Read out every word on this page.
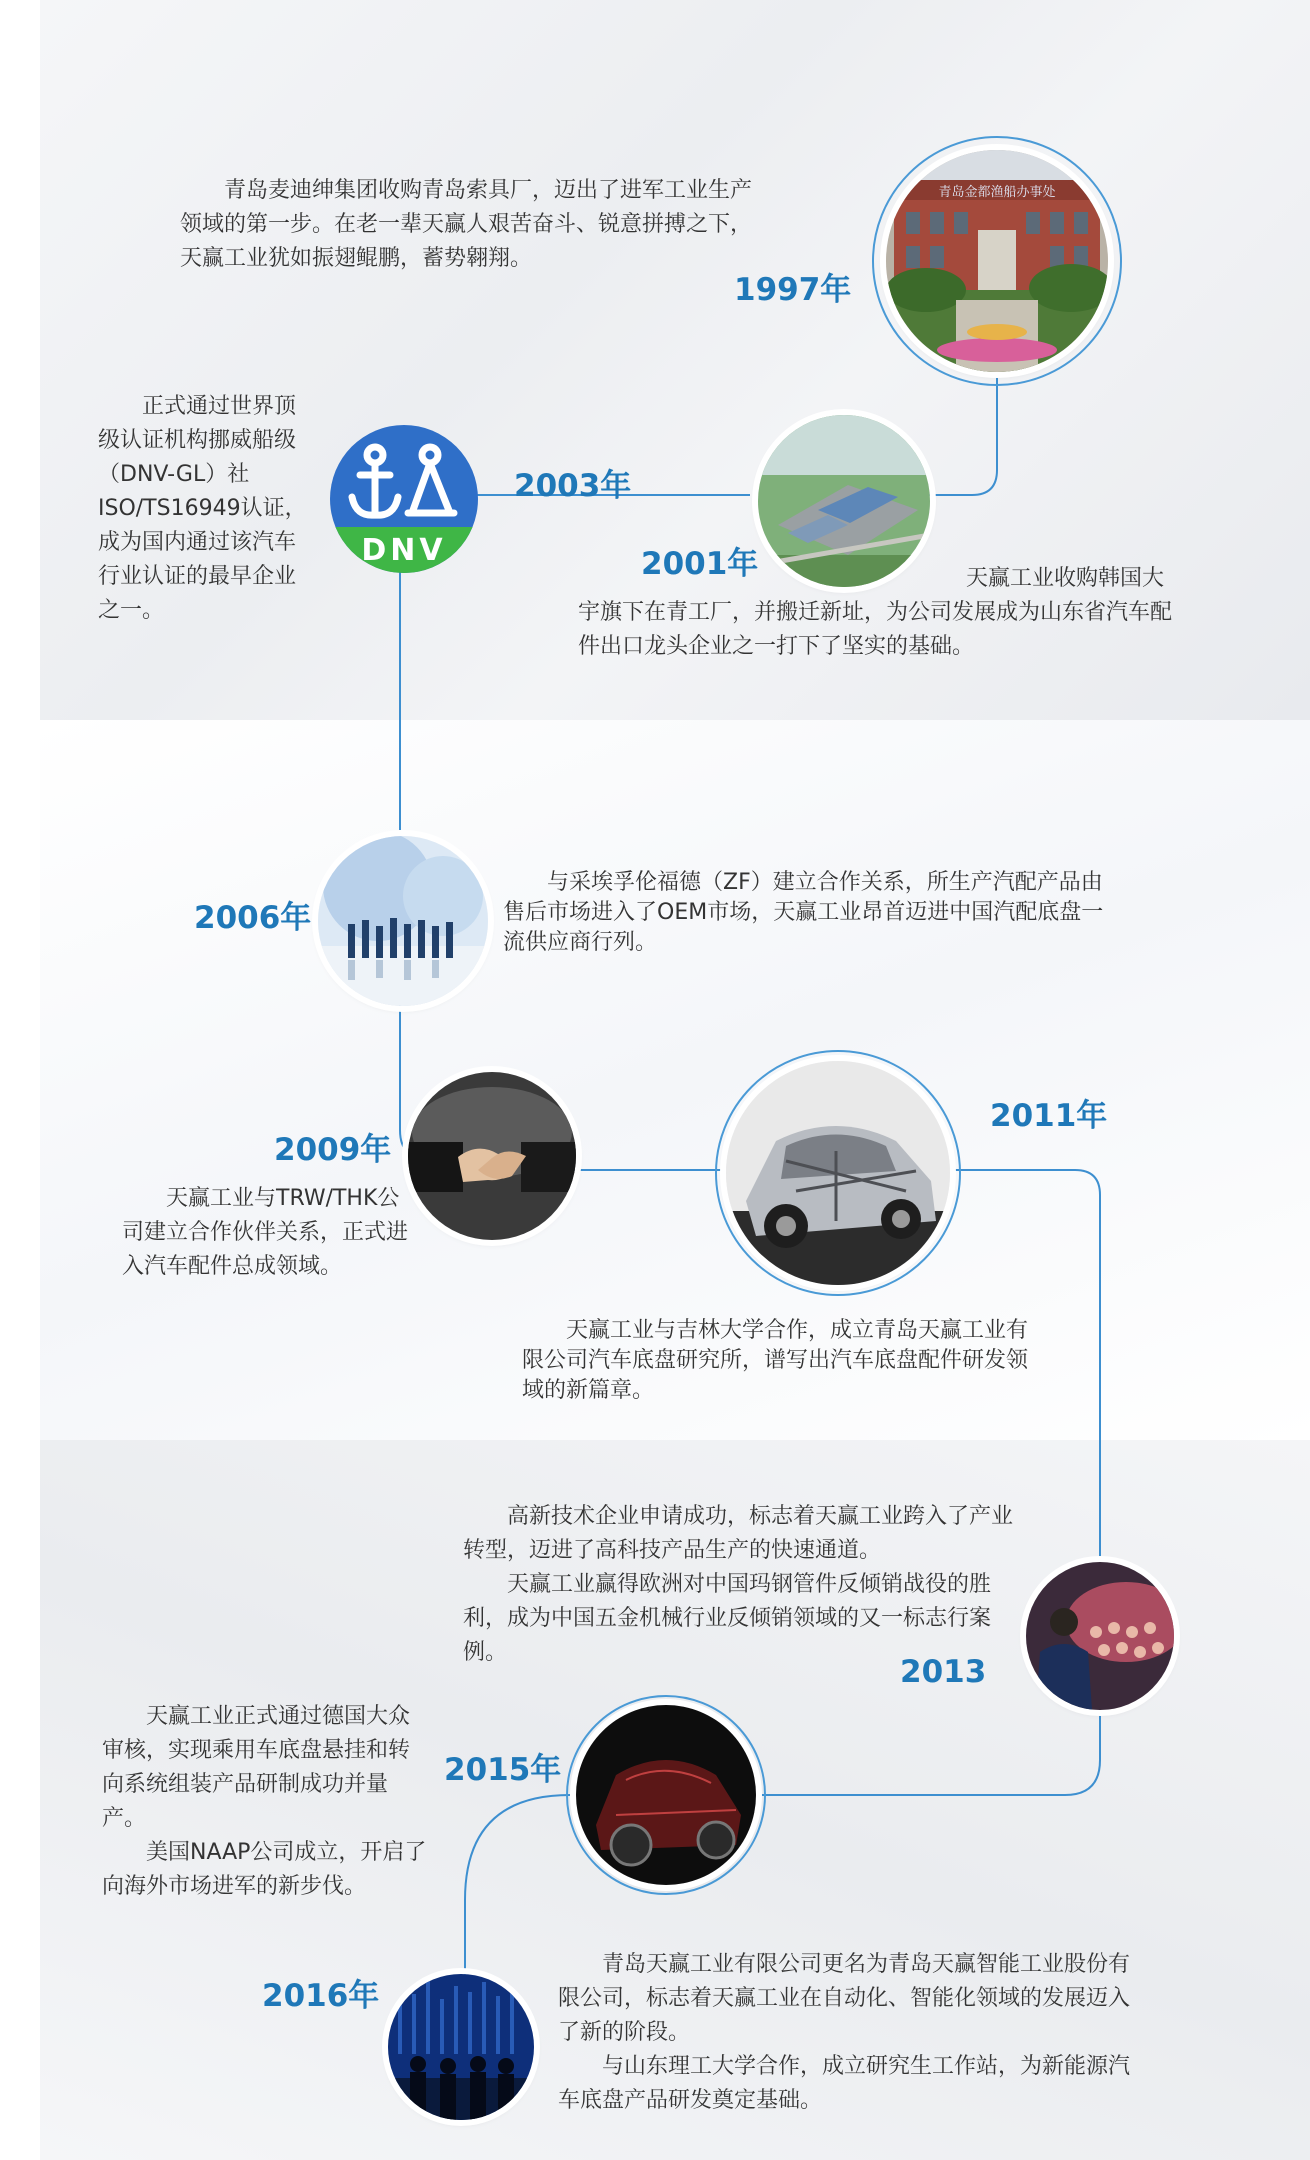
青岛麦迪绅集团收购青岛索具厂，迈出了进军工业生产领域的第一步。在老一辈天赢人艰苦奋斗、锐意拼搏之下，天赢工业犹如振翅鲲鹏，蓄势翱翔。

1997年
青岛金都渔船办事处

正式通过世界顶级认证机构挪威船级（DNV-GL）社ISO/TS16949认证，成为国内通过该汽车行业认证的最早企业之一。

DNV
2003年
2001年	天赢工业收购韩国大宇旗下在青工厂，并搬迁新址，为公司发展成为山东省汽车配件出口龙头企业之一打下了坚实的基础。

2006年

与采埃孚伦福德（ZF）建立合作关系，所生产汽配产品由售后市场进入了OEM市场，天赢工业昂首迈进中国汽配底盘一流供应商行列。

2009年

天赢工业与TRW/THK公司建立合作伙伴关系，正式进入汽车配件总成领域。

2011年

天赢工业与吉林大学合作，成立青岛天赢工业有限公司汽车底盘研究所，谱写出汽车底盘配件研发领域的新篇章。

高新技术企业申请成功，标志着天赢工业跨入了产业转型，迈进了高科技产品生产的快速通道。

天赢工业赢得欧洲对中国玛钢管件反倾销战役的胜利，成为中国五金机械行业反倾销领域的又一标志行案例。

2013

天赢工业正式通过德国大众审核，实现乘用车底盘悬挂和转向系统组装产品研制成功并量产。

美国NAAP公司成立，开启了向海外市场进军的新步伐。

2015年
2016年

青岛天赢工业有限公司更名为青岛天赢智能工业股份有限公司，标志着天赢工业在自动化、智能化领域的发展迈入了新的阶段。

与山东理工大学合作，成立研究生工作站，为新能源汽车底盘产品研发奠定基础。
